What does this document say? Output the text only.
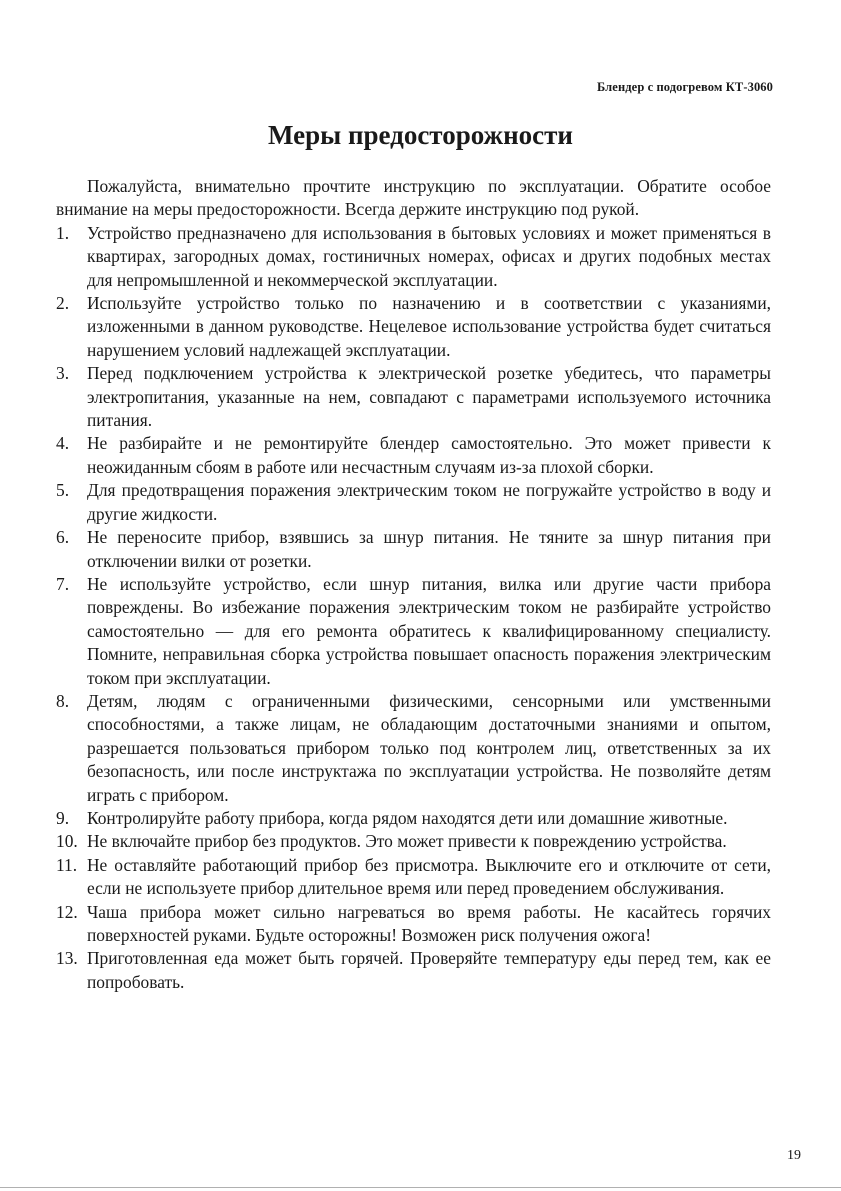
Блендер с подогревом КТ-3060
Меры предосторожности

Пожалуйста, внимательно прочтите инструкцию по эксплуатации. Обратите особое внимание на меры предосторожности. Всегда держите инструкцию под рукой.

1.	Устройство предназначено для использования в бытовых условиях и может применяться в квартирах, загородных домах, гостиничных номерах, офисах и других подобных местах для непромышленной и некоммерческой эксплуатации.
2.	Используйте устройство только по назначению и в соответствии с указаниями, изложенными в данном руководстве. Нецелевое использование устройства будет считаться нарушением условий надлежащей эксплуатации.
3.	Перед подключением устройства к электрической розетке убедитесь, что параметры электропитания, указанные на нем, совпадают с параметрами используемого источника питания.
4.	Не разбирайте и не ремонтируйте блендер самостоятельно. Это может привести к неожиданным сбоям в работе или несчастным случаям из-за плохой сборки.
5.	Для предотвращения поражения электрическим током не погружайте устройство в воду и другие жидкости.
6.	Не переносите прибор, взявшись за шнур питания. Не тяните за шнур питания при отключении вилки от розетки.
7.	Не используйте устройство, если шнур питания, вилка или другие части прибора повреждены. Во избежание поражения электрическим током не разбирайте устройство самостоятельно — для его ремонта обратитесь к квалифицированному специалисту. Помните, неправильная сборка устройства повышает опасность поражения электрическим током при эксплуатации.
8.	Детям, людям с ограниченными физическими, сенсорными или умственными способностями, а также лицам, не обладающим достаточными знаниями и опытом, разрешается пользоваться прибором только под контролем лиц, ответственных за их безопасность, или после инструктажа по эксплуатации устройства. Не позволяйте детям играть с прибором.
9.	Контролируйте работу прибора, когда рядом находятся дети или домашние животные.
10. Не включайте прибор без продуктов. Это может привести к повреждению устройства.
11. Не оставляйте работающий прибор без присмотра. Выключите его и отключите от сети, если не используете прибор длительное время или перед проведением обслуживания.
12. Чаша прибора может сильно нагреваться во время работы. Не касайтесь горячих поверхностей руками. Будьте осторожны! Возможен риск получения ожога!
13. Приготовленная еда может быть горячей. Проверяйте температуру еды перед тем, как ее попробовать.
19
